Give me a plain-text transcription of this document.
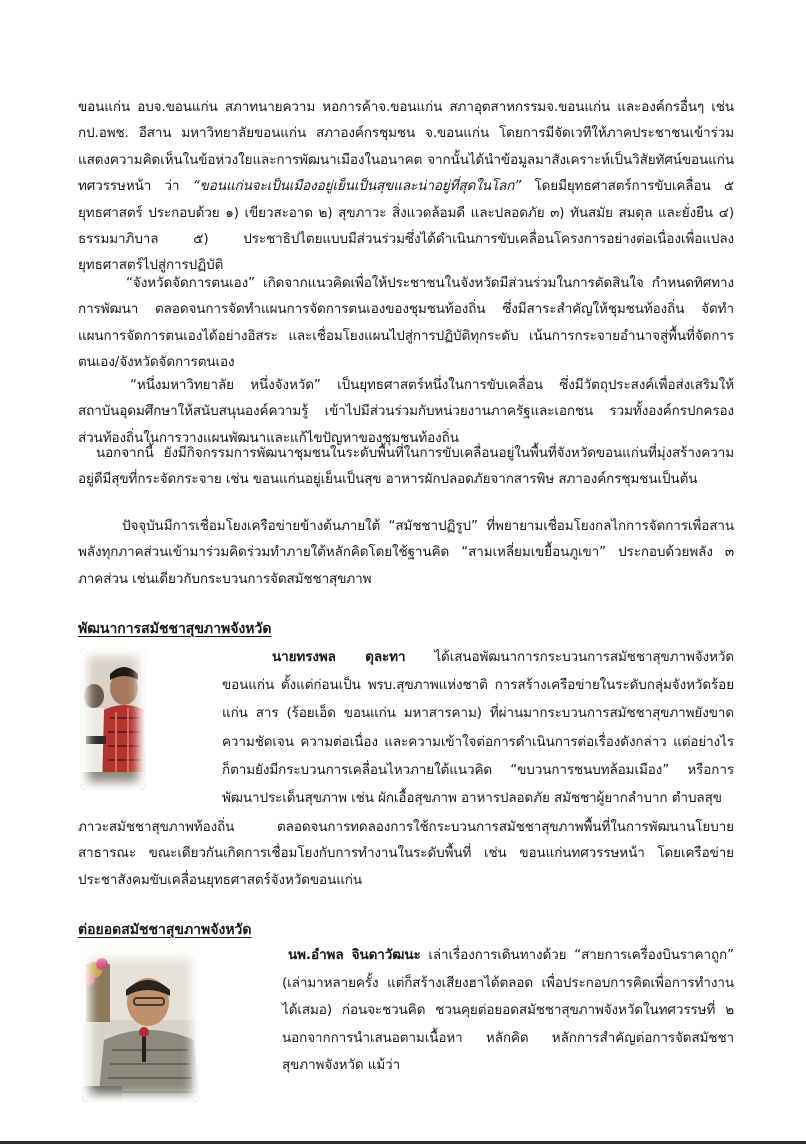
ขอนแก่น อบจ.ขอนแก่น สภาทนายความ หอการค้าจ.ขอนแก่น สภาอุตสาหกรรมจ.ขอนแก่น และองค์กรอื่นๆ เช่น กป.อพช. อีสาน มหาวิทยาลัยขอนแก่น สภาองค์กรชุมชน จ.ขอนแก่น โดยการมีจัดเวทีให้ภาคประชาชนเข้าร่วมแสดงความคิดเห็นในข้อห่วงใยและการพัฒนาเมืองในอนาคต จากนั้นได้นำข้อมูลมาสังเคราะห์เป็นวิสัยทัศน์ขอนแก่นทศวรรษหน้า ว่า “ขอนแก่นจะเป็นเมืองอยู่เย็นเป็นสุขและน่าอยู่ที่สุดในโลก” โดยมียุทธศาสตร์การขับเคลื่อน ๕ ยุทธศาสตร์ ประกอบด้วย ๑) เขียวสะอาด ๒) สุขภาวะ สิ่งแวดล้อมดี และปลอดภัย ๓) ทันสมัย สมดุล และยั่งยืน ๔) ธรรมมาภิบาล ๕) ประชาธิปไตยแบบมีส่วนร่วมซึ่งได้ดำเนินการขับเคลื่อนโครงการอย่างต่อเนื่องเพื่อแปลงยุทธศาสตร์ไปสู่การปฏิบัติ

“จังหวัดจัดการตนเอง” เกิดจากแนวคิดเพื่อให้ประชาชนในจังหวัดมีส่วนร่วมในการตัดสินใจ กำหนดทิศทางการพัฒนา ตลอดจนการจัดทำแผนการจัดการตนเองของชุมชนท้องถิ่น ซึ่งมีสาระสำคัญให้ชุมชนท้องถิ่น จัดทำแผนการจัดการตนเองได้อย่างอิสระ และเชื่อมโยงแผนไปสู่การปฏิบัติทุกระดับ เน้นการกระจายอำนาจสู่พื้นที่จัดการตนเอง/จังหวัดจัดการตนเอง

“หนึ่งมหาวิทยาลัย หนึ่งจังหวัด” เป็นยุทธศาสตร์หนึ่งในการขับเคลื่อน ซึ่งมีวัตถุประสงค์เพื่อส่งเสริมให้สถาบันอุดมศึกษาให้สนับสนุนองค์ความรู้ เข้าไปมีส่วนร่วมกับหน่วยงานภาครัฐและเอกชน รวมทั้งองค์กรปกครองส่วนท้องถิ่นในการวางแผนพัฒนาและแก้ไขปัญหาของชุมชนท้องถิ่น

นอกจากนี้ ยังมีกิจกรรมการพัฒนาชุมชนในระดับพื้นที่ในการขับเคลื่อนอยู่ในพื้นที่จังหวัดขอนแก่นที่มุ่งสร้างความอยู่ดีมีสุขที่กระจัดกระจาย เช่น ขอนแก่นอยู่เย็นเป็นสุข อาหารผักปลอดภัยจากสารพิษ สภาองค์กรชุมชนเป็นต้น

ปัจจุบันมีการเชื่อมโยงเครือข่ายข้างต้นภายใต้ “สมัชชาปฏิรูป” ที่พยายามเชื่อมโยงกลไกการจัดการเพื่อสานพลังทุกภาคส่วนเข้ามาร่วมคิดร่วมทำภายใต้หลักคิดโดยใช้ฐานคิด “สามเหลี่ยมเขยื้อนภูเขา” ประกอบด้วยพลัง ๓ ภาคส่วน เช่นเดียวกับกระบวนการจัดสมัชชาสุขภาพ

พัฒนาการสมัชชาสุขภาพจังหวัด

นายทรงพล ตุละทา ได้เสนอพัฒนาการกระบวนการสมัชชาสุขภาพจังหวัดขอนแก่น ตั้งแต่ก่อนเป็น พรบ.สุขภาพแห่งชาติ การสร้างเครือข่ายในระดับกลุ่มจังหวัดร้อยแก่น สาร (ร้อยเอ็ด ขอนแก่น มหาสารคาม) ที่ผ่านมากระบวนการสมัชชาสุขภาพยังขาดความชัดเจน ความต่อเนื่อง และความเข้าใจต่อการดำเนินการต่อเรื่องดังกล่าว แต่อย่างไรก็ตามยังมีกระบวนการเคลื่อนไหวภายใต้แนวคิด “ขบวนการชนบทล้อมเมือง” หรือการพัฒนาประเด็นสุขภาพ เช่น ผักเอื้อสุขภาพ อาหารปลอดภัย สมัชชาผู้ยากลำบาก ตำบลสุข

ภาวะสมัชชาสุขภาพท้องถิ่น ตลอดจนการทดลองการใช้กระบวนการสมัชชาสุขภาพพื้นที่ในการพัฒนานโยบายสาธารณะ ขณะเดียวกันเกิดการเชื่อมโยงกับการทำงานในระดับพื้นที่ เช่น ขอนแก่นทศวรรษหน้า โดยเครือข่ายประชาสังคมขับเคลื่อนยุทธศาสตร์จังหวัดขอนแก่น

ต่อยอดสมัชชาสุขภาพจังหวัด

นพ.อำพล จินดาวัฒนะ เล่าเรื่องการเดินทางด้วย “สายการเครื่องบินราคาถูก” (เล่ามาหลายครั้ง แต่ก็สร้างเสียงฮาได้ตลอด เพื่อประกอบการคิดเพื่อการทำงานได้เสมอ) ก่อนจะชวนคิด ชวนคุยต่อยอดสมัชชาสุขภาพจังหวัดในทศวรรษที่ ๒ นอกจากการนำเสนอตามเนื้อหา หลักคิด หลักการสำคัญต่อการจัดสมัชชาสุขภาพจังหวัด แม้ว่า
